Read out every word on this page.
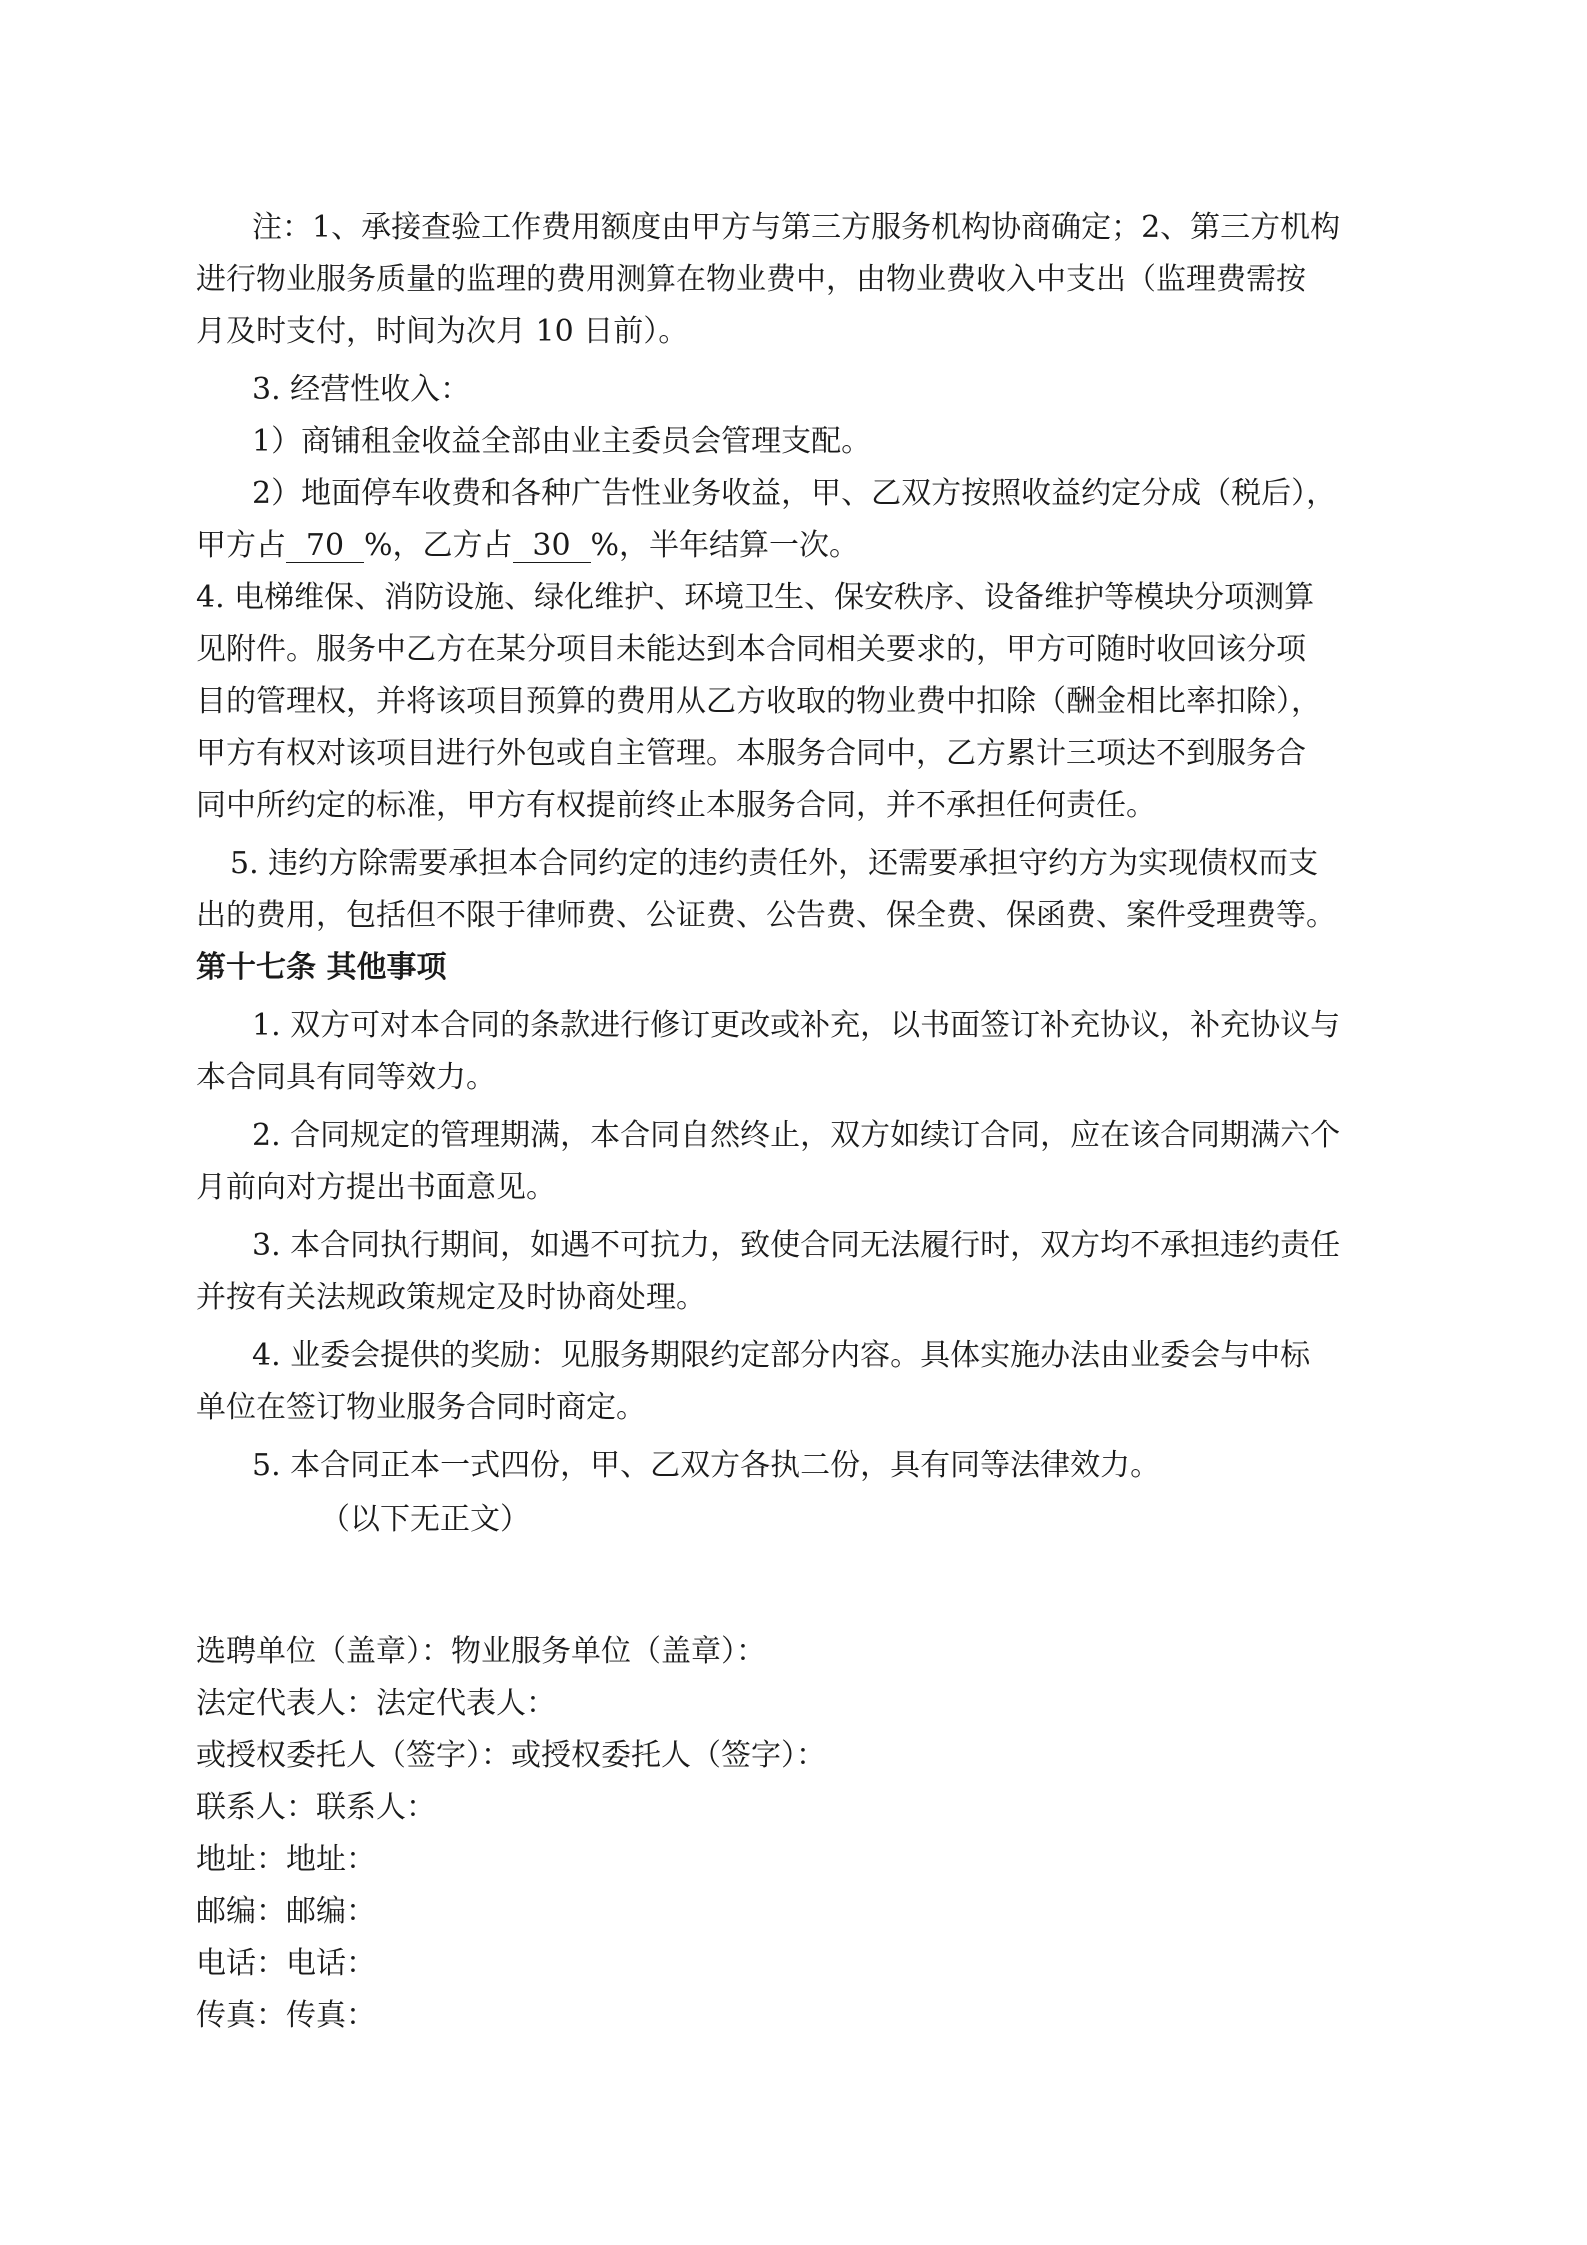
注：1、承接查验工作费用额度由甲方与第三方服务机构协商确定；2、第三方机构
进行物业服务质量的监理的费用测算在物业费中，由物业费收入中支出（监理费需按
月及时支付，时间为次月 10 日前）。
3. 经营性收入：
1）商铺租金收益全部由业主委员会管理支配。
2）地面停车收费和各种广告性业务收益，甲、乙双方按照收益约定分成（税后），
甲方占 70 %，乙方占 30 %，半年结算一次。
4. 电梯维保、消防设施、绿化维护、环境卫生、保安秩序、设备维护等模块分项测算
见附件。服务中乙方在某分项目未能达到本合同相关要求的，甲方可随时收回该分项
目的管理权，并将该项目预算的费用从乙方收取的物业费中扣除（酬金相比率扣除），
甲方有权对该项目进行外包或自主管理。本服务合同中，乙方累计三项达不到服务合
同中所约定的标准，甲方有权提前终止本服务合同，并不承担任何责任。
5. 违约方除需要承担本合同约定的违约责任外，还需要承担守约方为实现债权而支
出的费用，包括但不限于律师费、公证费、公告费、保全费、保函费、案件受理费等。
第十七条 其他事项
1. 双方可对本合同的条款进行修订更改或补充，以书面签订补充协议，补充协议与
本合同具有同等效力。
2. 合同规定的管理期满，本合同自然终止，双方如续订合同，应在该合同期满六个
月前向对方提出书面意见。
3. 本合同执行期间，如遇不可抗力，致使合同无法履行时，双方均不承担违约责任
并按有关法规政策规定及时协商处理。
4. 业委会提供的奖励：见服务期限约定部分内容。具体实施办法由业委会与中标
单位在签订物业服务合同时商定。
5. 本合同正本一式四份，甲、乙双方各执二份，具有同等法律效力。
（以下无正文）
选聘单位（盖章）：物业服务单位（盖章）：
法定代表人：法定代表人：
或授权委托人（签字）：或授权委托人（签字）：
联系人：联系人：
地址：地址：
邮编：邮编：
电话：电话：
传真：传真：
